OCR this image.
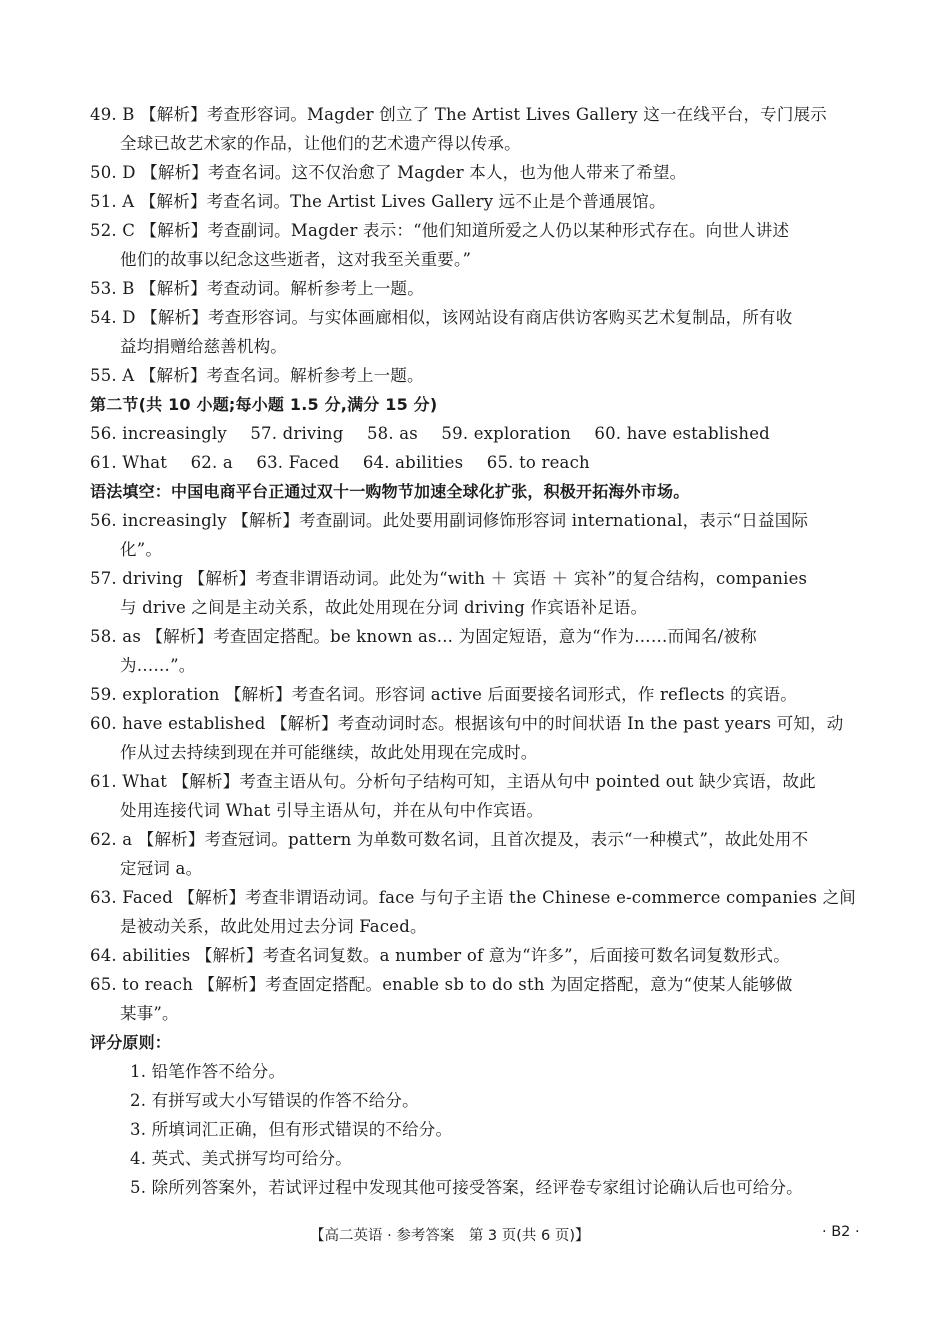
49. B 【解析】考查形容词。Magder 创立了 The Artist Lives Gallery 这一在线平台，专门展示
全球已故艺术家的作品，让他们的艺术遗产得以传承。
50. D 【解析】考查名词。这不仅治愈了 Magder 本人，也为他人带来了希望。
51. A 【解析】考查名词。The Artist Lives Gallery 远不止是个普通展馆。
52. C 【解析】考查副词。Magder 表示：“他们知道所爱之人仍以某种形式存在。向世人讲述
他们的故事以纪念这些逝者，这对我至关重要。”
53. B 【解析】考查动词。解析参考上一题。
54. D 【解析】考查形容词。与实体画廊相似，该网站设有商店供访客购买艺术复制品，所有收
益均捐赠给慈善机构。
55. A 【解析】考查名词。解析参考上一题。
第二节(共 10 小题;每小题 1.5 分,满分 15 分)
56. increasingly 57. driving 58. as 59. exploration 60. have established
61. What 62. a 63. Faced 64. abilities 65. to reach
语法填空：中国电商平台正通过双十一购物节加速全球化扩张，积极开拓海外市场。
56. increasingly 【解析】考查副词。此处要用副词修饰形容词 international，表示“日益国际
化”。
57. driving 【解析】考查非谓语动词。此处为“with ＋ 宾语 ＋ 宾补”的复合结构，companies
与 drive 之间是主动关系，故此处用现在分词 driving 作宾语补足语。
58. as 【解析】考查固定搭配。be known as... 为固定短语，意为“作为……而闻名/被称
为……”。
59. exploration 【解析】考查名词。形容词 active 后面要接名词形式，作 reflects 的宾语。
60. have established 【解析】考查动词时态。根据该句中的时间状语 In the past years 可知，动
作从过去持续到现在并可能继续，故此处用现在完成时。
61. What 【解析】考查主语从句。分析句子结构可知，主语从句中 pointed out 缺少宾语，故此
处用连接代词 What 引导主语从句，并在从句中作宾语。
62. a 【解析】考查冠词。pattern 为单数可数名词，且首次提及，表示“一种模式”，故此处用不
定冠词 a。
63. Faced 【解析】考查非谓语动词。face 与句子主语 the Chinese e-commerce companies 之间
是被动关系，故此处用过去分词 Faced。
64. abilities 【解析】考查名词复数。a number of 意为“许多”，后面接可数名词复数形式。
65. to reach 【解析】考查固定搭配。enable sb to do sth 为固定搭配，意为“使某人能够做
某事”。
评分原则：
1. 铅笔作答不给分。
2. 有拼写或大小写错误的作答不给分。
3. 所填词汇正确，但有形式错误的不给分。
4. 英式、美式拼写均可给分。
5. 除所列答案外，若试评过程中发现其他可接受答案，经评卷专家组讨论确认后也可给分。
【高二英语 · 参考答案　第 3 页(共 6 页)】	· B2 ·
